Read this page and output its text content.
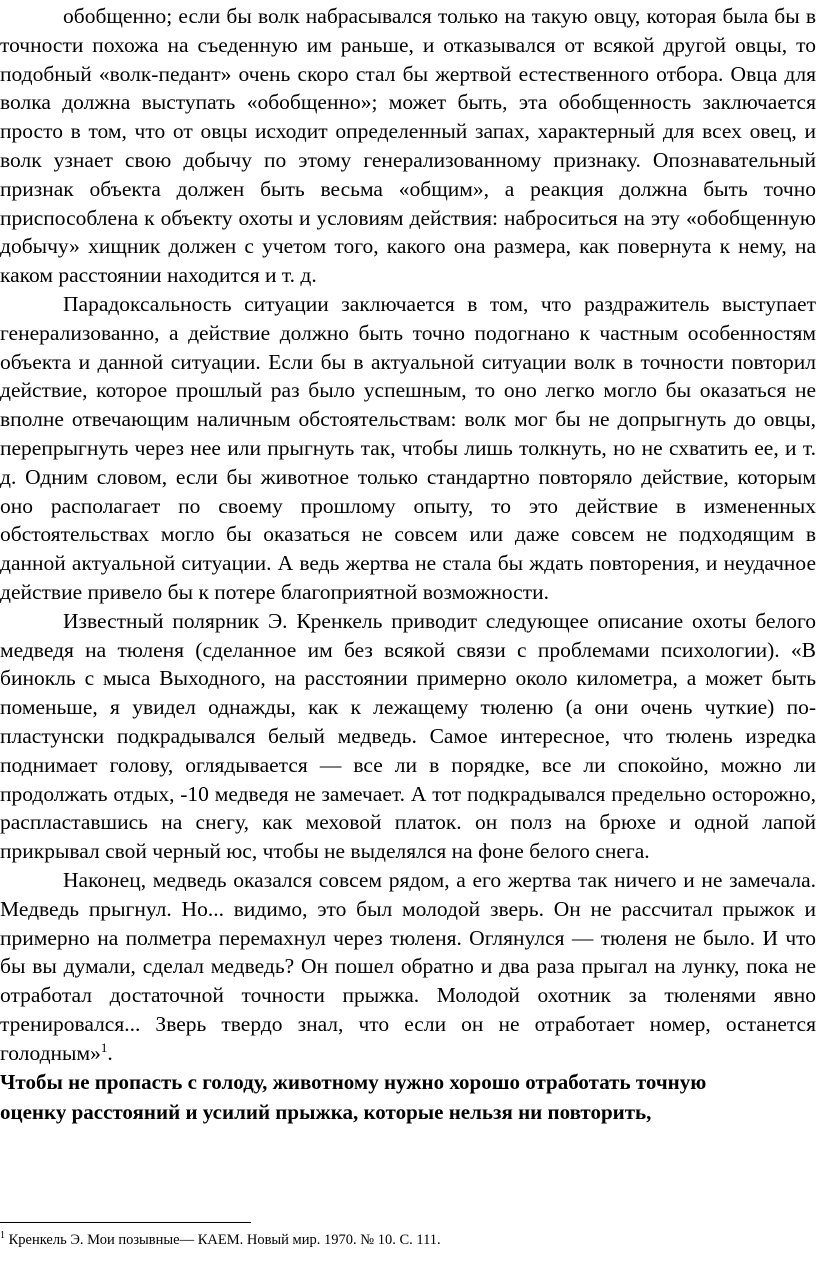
обобщенно; если бы волк набрасывался только на такую овцу, которая была бы в точности похожа на съеденную им раньше, и отказывался от всякой другой овцы, то подобный «волк-педант» очень скоро стал бы жертвой естественного отбора. Овца для волка должна выступать «обобщенно»; может быть, эта обобщенность заключается просто в том, что от овцы исходит определенный запах, характерный для всех овец, и волк узнает свою добычу по этому генерализованному признаку. Опознавательный признак объекта должен быть весьма «общим», а реакция должна быть точно приспособлена к объекту охоты и условиям действия: наброситься на эту «обобщенную добычу» хищник должен с учетом того, какого она размера, как повернута к нему, на каком расстоянии находится и т. д.

Парадоксальность ситуации заключается в том, что раздражитель выступает генерализованно, а действие должно быть точно подогнано к частным особенностям объекта и данной ситуации. Если бы в актуальной ситуации волк в точности повторил действие, которое прошлый раз было успешным, то оно легко могло бы оказаться не вполне отвечающим наличным обстоятельствам: волк мог бы не допрыгнуть до овцы, перепрыгнуть через нее или прыгнуть так, чтобы лишь толкнуть, но не схватить ее, и т. д. Одним словом, если бы животное только стандартно повторяло действие, которым оно располагает по своему прошлому опыту, то это действие в измененных обстоятельствах могло бы оказаться не совсем или даже совсем не подходящим в данной актуальной ситуации. А ведь жертва не стала бы ждать повторения, и неудачное действие привело бы к потере благоприятной возможности.

Известный полярник Э. Кренкель приводит следующее описание охоты белого медведя на тюленя (сделанное им без всякой связи с проблемами психологии). «В бинокль с мыса Выходного, на расстоянии примерно около километра, а может быть поменьше, я увидел однажды, как к лежащему тюленю (а они очень чуткие) по-пластунски подкрадывался белый медведь. Самое интересное, что тюлень изредка поднимает голову, оглядывается — все ли в порядке, все ли спокойно, можно ли продолжать отдых, -10 медведя не замечает. А тот подкрадывался предельно осторожно, распластавшись на снегу, как меховой платок. он полз на брюхе и одной лапой прикрывал свой черный юс, чтобы не выделялся на фоне белого снега.

Наконец, медведь оказался совсем рядом, а его жертва так ничего и не замечала. Медведь прыгнул. Но... видимо, это был молодой зверь. Он не рассчитал прыжок и примерно на полметра перемахнул через тюленя. Оглянулся — тюленя не было. И что бы вы думали, сделал медведь? Он пошел обратно и два раза прыгал на лунку, пока не отработал достаточной точности прыжка. Молодой охотник за тюленями явно тренировался... Зверь твердо знал, что если он не отработает номер, останется голодным»$^1$.

Чтобы не пропасть с голоду, животному нужно хорошо отработать точную

оценку расстояний и усилий прыжка, которые нельзя ни повторить,

$^1$ Кренкель Э. Мои позывные— КАЕМ. Новый мир. 1970. № 10. С. 111.
